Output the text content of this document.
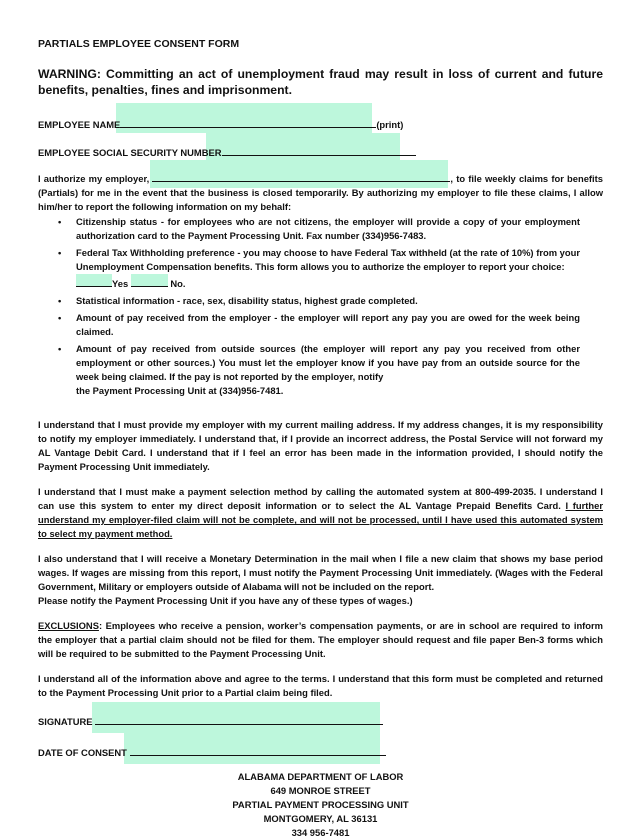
PARTIALS EMPLOYEE CONSENT FORM
WARNING: Committing an act of unemployment fraud may result in loss of current and future benefits, penalties, fines and imprisonment.
EMPLOYEE NAME	(print)
EMPLOYEE SOCIAL SECURITY NUMBER
I authorize my employer,	, to file weekly claims for benefits (Partials) for me in the event that the business is closed temporarily. By authorizing my employer to file these claims, I allow him/her to report the following information on my behalf:
• Citizenship status - for employees who are not citizens, the employer will provide a copy of your employment authorization card to the Payment Processing Unit. Fax number (334)956-7483.
• Federal Tax Withholding preference - you may choose to have Federal Tax withheld (at the rate of 10%) from your Unemployment Compensation benefits. This form allows you to authorize the employer to report your choice:
Yes	No.
• Statistical information - race, sex, disability status, highest grade completed.
• Amount of pay received from the employer - the employer will report any pay you are owed for the week being claimed.
• Amount of pay received from outside sources (the employer will report any pay you received from other employment or other sources.) You must let the employer know if you have pay from an outside source for the week being claimed. If the pay is not reported by the employer, notify
the Payment Processing Unit at (334)956-7481.
I understand that I must provide my employer with my current mailing address. If my address changes, it is my responsibility to notify my employer immediately. I understand that, if I provide an incorrect address, the Postal Service will not forward my AL Vantage Debit Card. I understand that if I feel an error has been made in the information provided, I should notify the Payment Processing Unit immediately.
I understand that I must make a payment selection method by calling the automated system at 800-499-2035. I understand I can use this system to enter my direct deposit information or to select the AL Vantage Prepaid Benefits Card. I further understand my employer-filed claim will not be complete, and will not be processed, until I have used this automated system to select my payment method.
I also understand that I will receive a Monetary Determination in the mail when I file a new claim that shows my base period wages. If wages are missing from this report, I must notify the Payment Processing Unit immediately. (Wages with the Federal Government, Military or employers outside of Alabama will not be included on the report.
Please notify the Payment Processing Unit if you have any of these types of wages.)
EXCLUSIONS: Employees who receive a pension, worker’s compensation payments, or are in school are required to inform the employer that a partial claim should not be filed for them. The employer should request and file paper Ben-3 forms which will be required to be submitted to the Payment Processing Unit.
I understand all of the information above and agree to the terms. I understand that this form must be completed and returned to the Payment Processing Unit prior to a Partial claim being filed.
SIGNATURE
DATE OF CONSENT
ALABAMA DEPARTMENT OF LABOR
649 MONROE STREET
PARTIAL PAYMENT PROCESSING UNIT
MONTGOMERY, AL 36131
334 956-7481
